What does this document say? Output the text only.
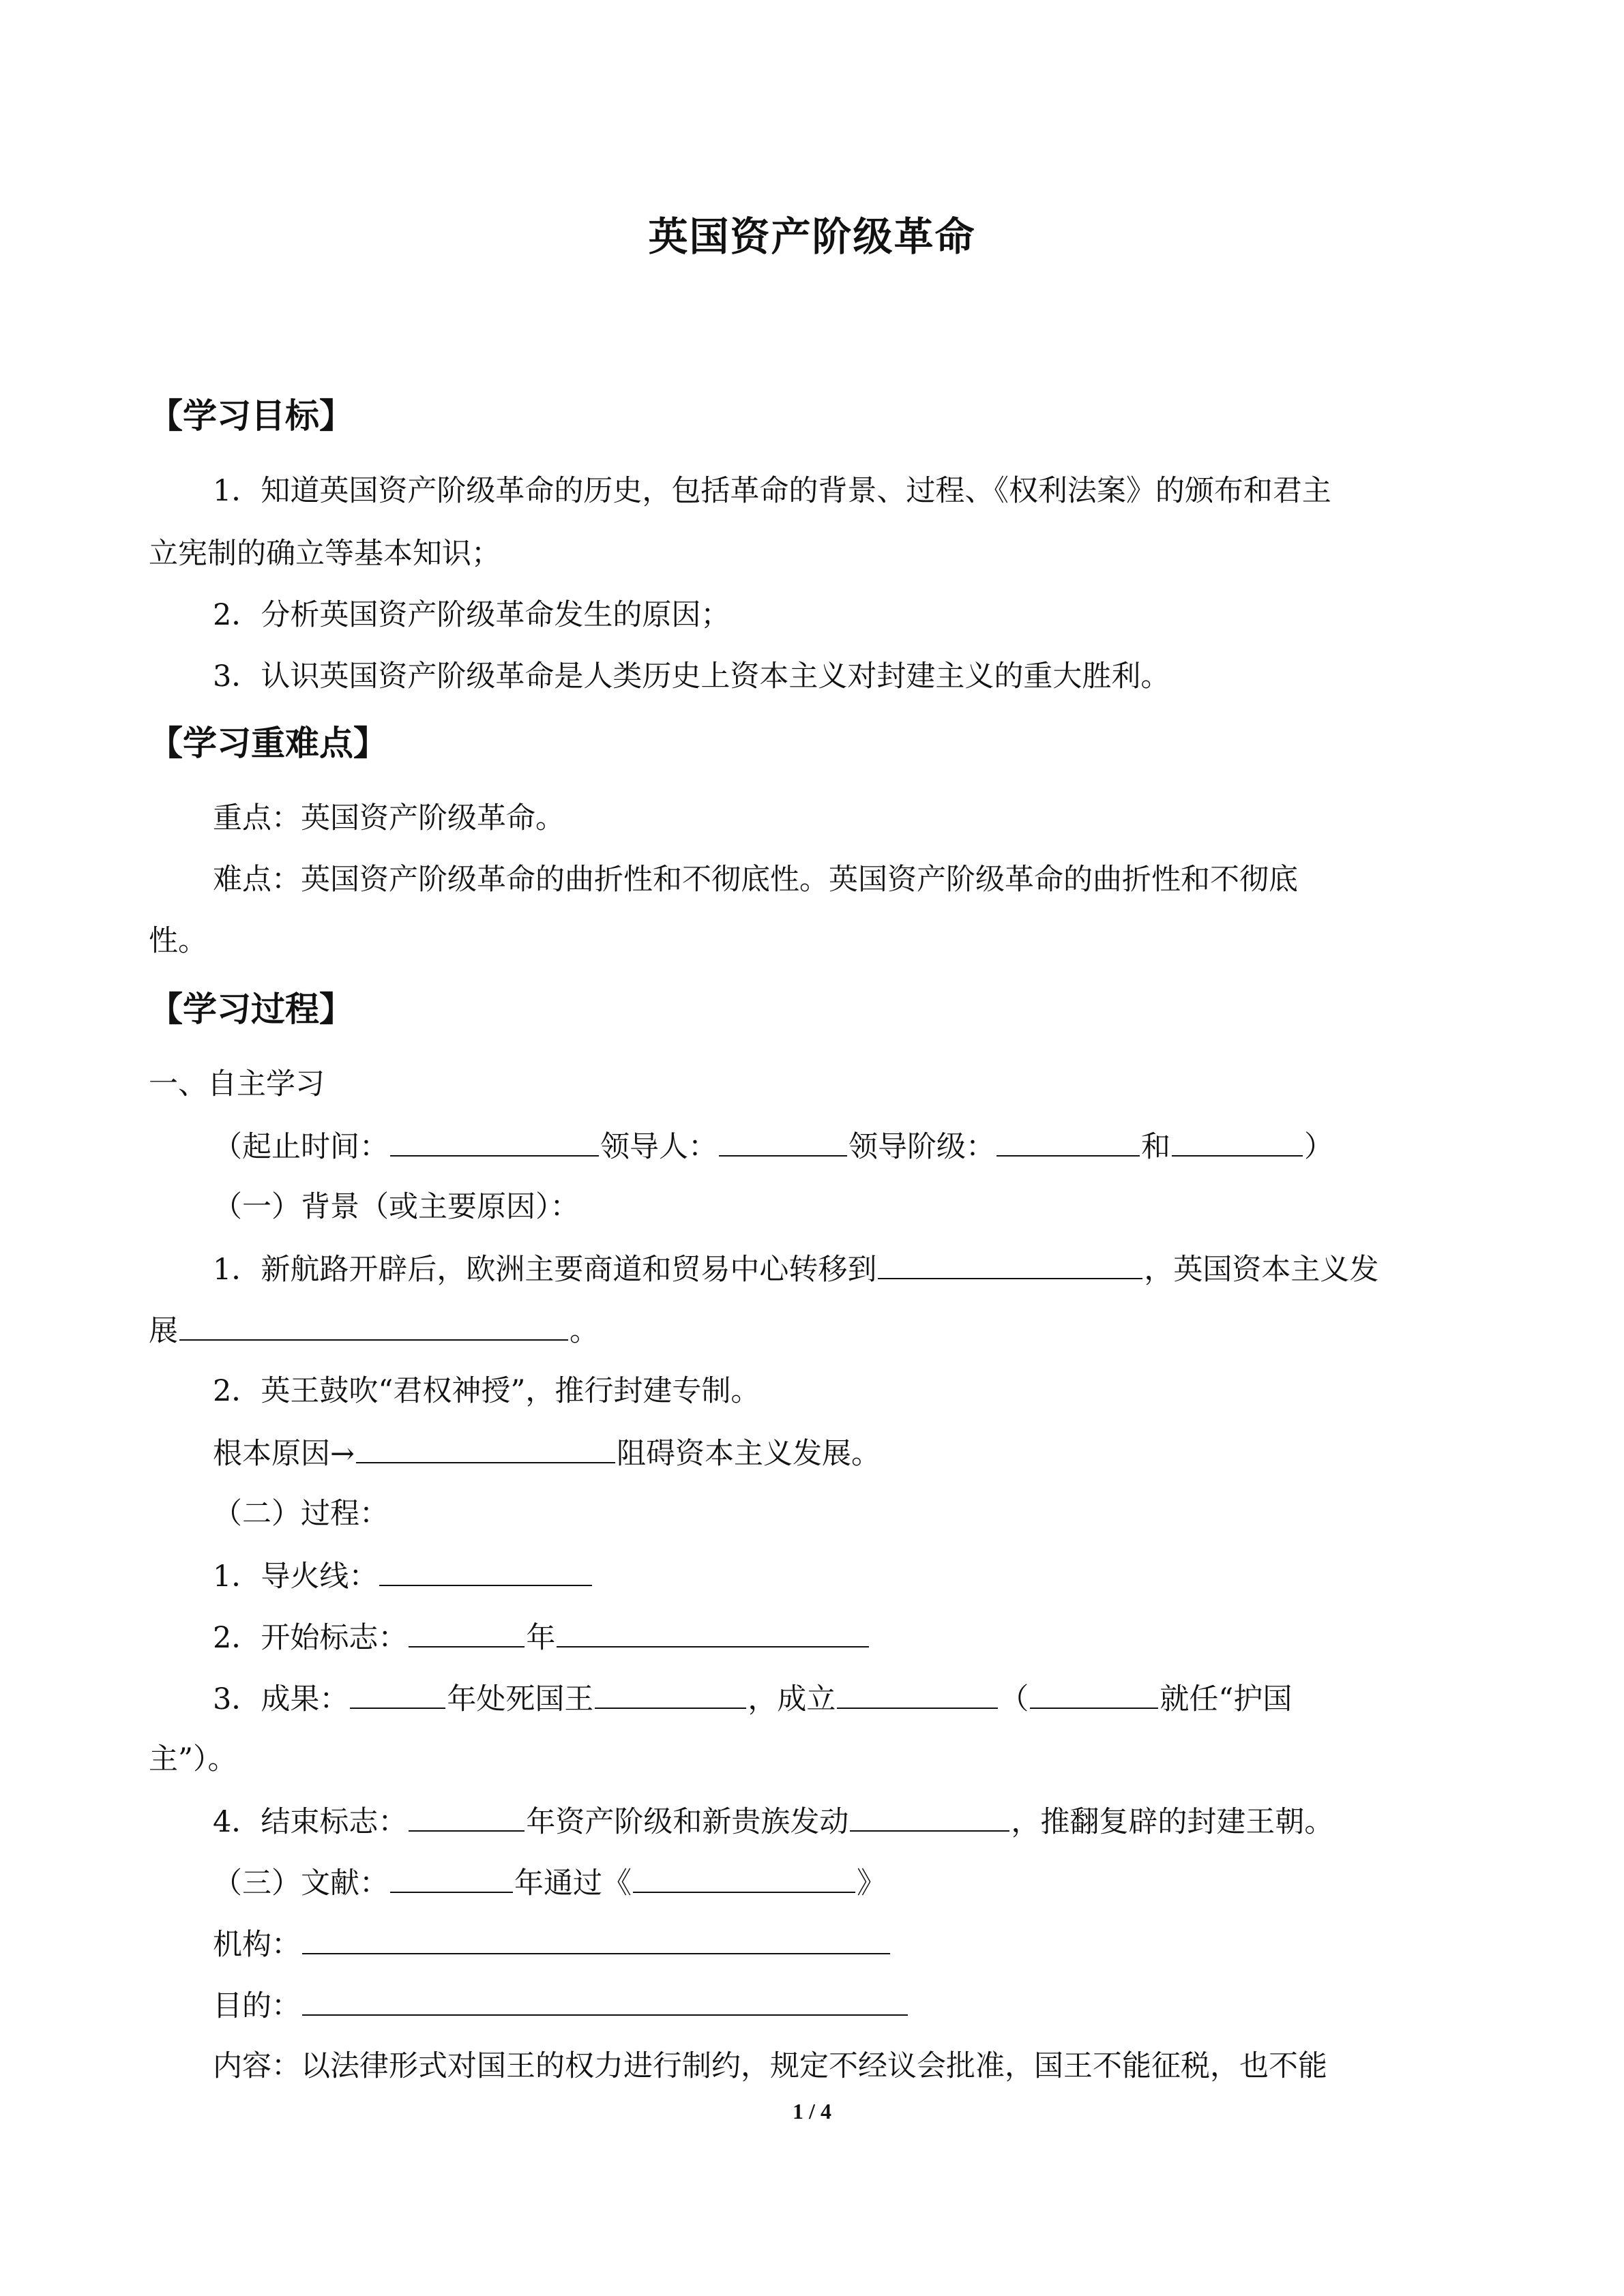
英国资产阶级革命
【学习目标】
1．知道英国资产阶级革命的历史，包括革命的背景、过程、《权利法案》的颁布和君主
立宪制的确立等基本知识；
2．分析英国资产阶级革命发生的原因；
3．认识英国资产阶级革命是人类历史上资本主义对封建主义的重大胜利。
【学习重难点】
重点：英国资产阶级革命。
难点：英国资产阶级革命的曲折性和不彻底性。英国资产阶级革命的曲折性和不彻底
性。
【学习过程】
一、自主学习
（起止时间：	领导人：	领导阶级：	和	）
（一）背景（或主要原因）：
1．新航路开辟后，欧洲主要商道和贸易中心转移到	，英国资本主义发
展	。
2．英王鼓吹“君权神授”，推行封建专制。
根本原因→	阻碍资本主义发展。
（二）过程：
1．导火线：
2．开始标志：	年
3．成果：	年处死国王	，成立	（	就任“护国
主”）。
4．结束标志：	年资产阶级和新贵族发动	，推翻复辟的封建王朝。
（三）文献：	年通过《	》
机构：
目的：
内容：以法律形式对国王的权力进行制约，规定不经议会批准，国王不能征税，也不能
1 / 4
